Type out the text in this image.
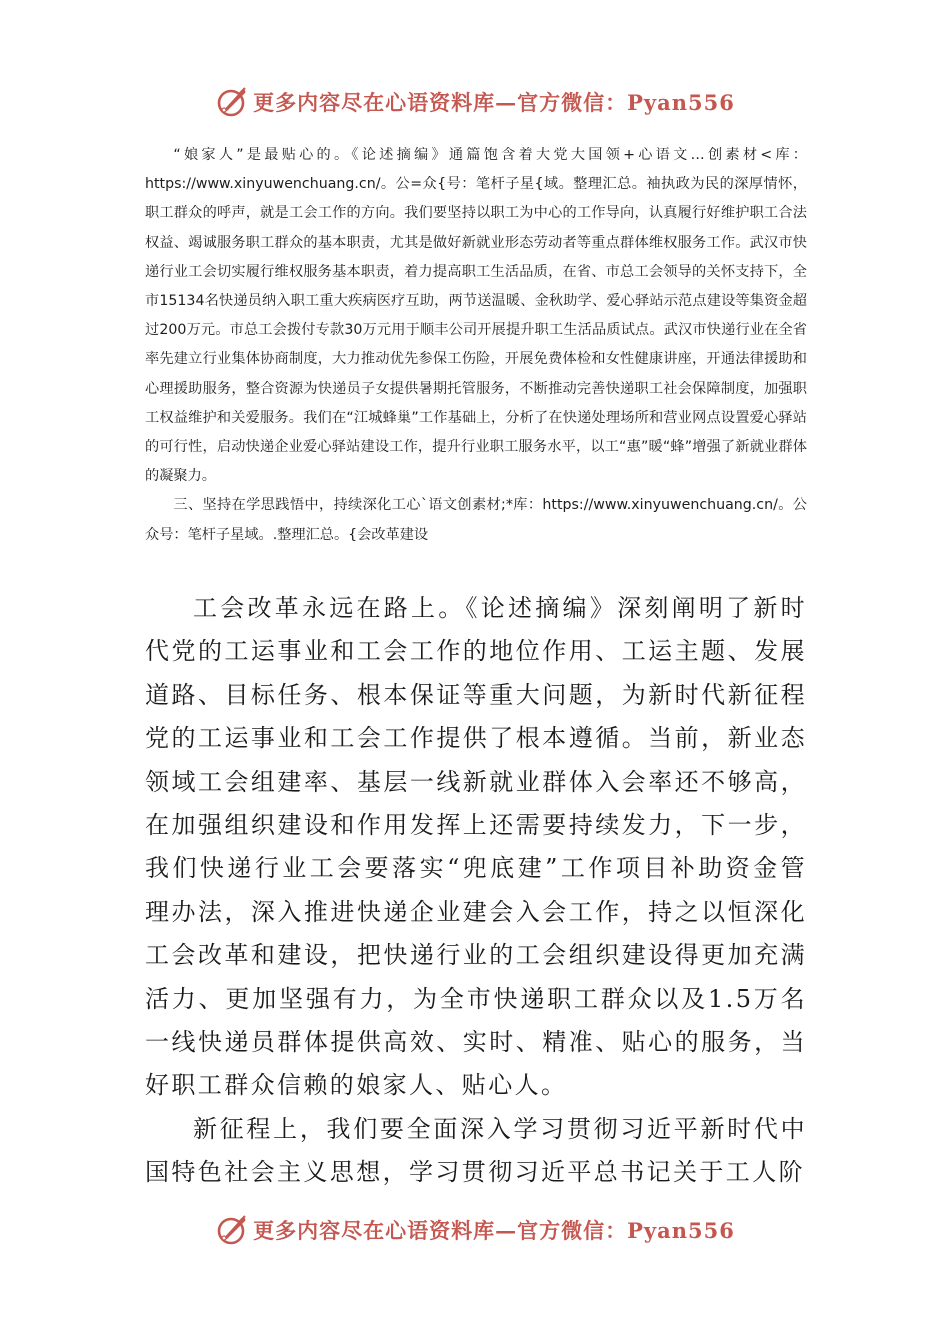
更多内容尽在心语资料库—官方微信：Pyan556

“娘家人”是最贴心的。《论述摘编》通篇饱含着大党大国领+心语文…创素材<库：https://www.xinyuwenchuang.cn/。公=众{号：笔杆子星{域。整理汇总。袖执政为民的深厚情怀，职工群众的呼声，就是工会工作的方向。我们要坚持以职工为中心的工作导向，认真履行好维护职工合法权益、竭诚服务职工群众的基本职责，尤其是做好新就业形态劳动者等重点群体维权服务工作。武汉市快递行业工会切实履行维权服务基本职责，着力提高职工生活品质，在省、市总工会领导的关怀支持下，全市15134名快递员纳入职工重大疾病医疗互助，两节送温暖、金秋助学、爱心驿站示范点建设等集资金超过200万元。市总工会拨付专款30万元用于顺丰公司开展提升职工生活品质试点。武汉市快递行业在全省率先建立行业集体协商制度，大力推动优先参保工伤险，开展免费体检和女性健康讲座，开通法律援助和心理援助服务，整合资源为快递员子女提供暑期托管服务，不断推动完善快递职工社会保障制度，加强职工权益维护和关爱服务。我们在“江城蜂巢”工作基础上，分析了在快递处理场所和营业网点设置爱心驿站的可行性，启动快递企业爱心驿站建设工作，提升行业职工服务水平，以工“惠”暖“蜂”增强了新就业群体的凝聚力。

三、坚持在学思践悟中，持续深化工心`语文创素材;*库：https://www.xinyuwenchuang.cn/。公众号：笔杆子星域。.整理汇总。{会改革建设

工会改革永远在路上。《论述摘编》深刻阐明了新时代党的工运事业和工会工作的地位作用、工运主题、发展道路、目标任务、根本保证等重大问题，为新时代新征程党的工运事业和工会工作提供了根本遵循。当前，新业态领域工会组建率、基层一线新就业群体入会率还不够高，在加强组织建设和作用发挥上还需要持续发力，下一步，我们快递行业工会要落实“兜底建”工作项目补助资金管理办法，深入推进快递企业建会入会工作，持之以恒深化工会改革和建设，把快递行业的工会组织建设得更加充满活力、更加坚强有力，为全市快递职工群众以及1.5万名一线快递员群体提供高效、实时、精准、贴心的服务，当好职工群众信赖的娘家人、贴心人。

新征程上，我们要全面深入学习贯彻习近平新时代中国特色社会主义思想，学习贯彻习近平总书记关于工人阶

更多内容尽在心语资料库—官方微信：Pyan556
